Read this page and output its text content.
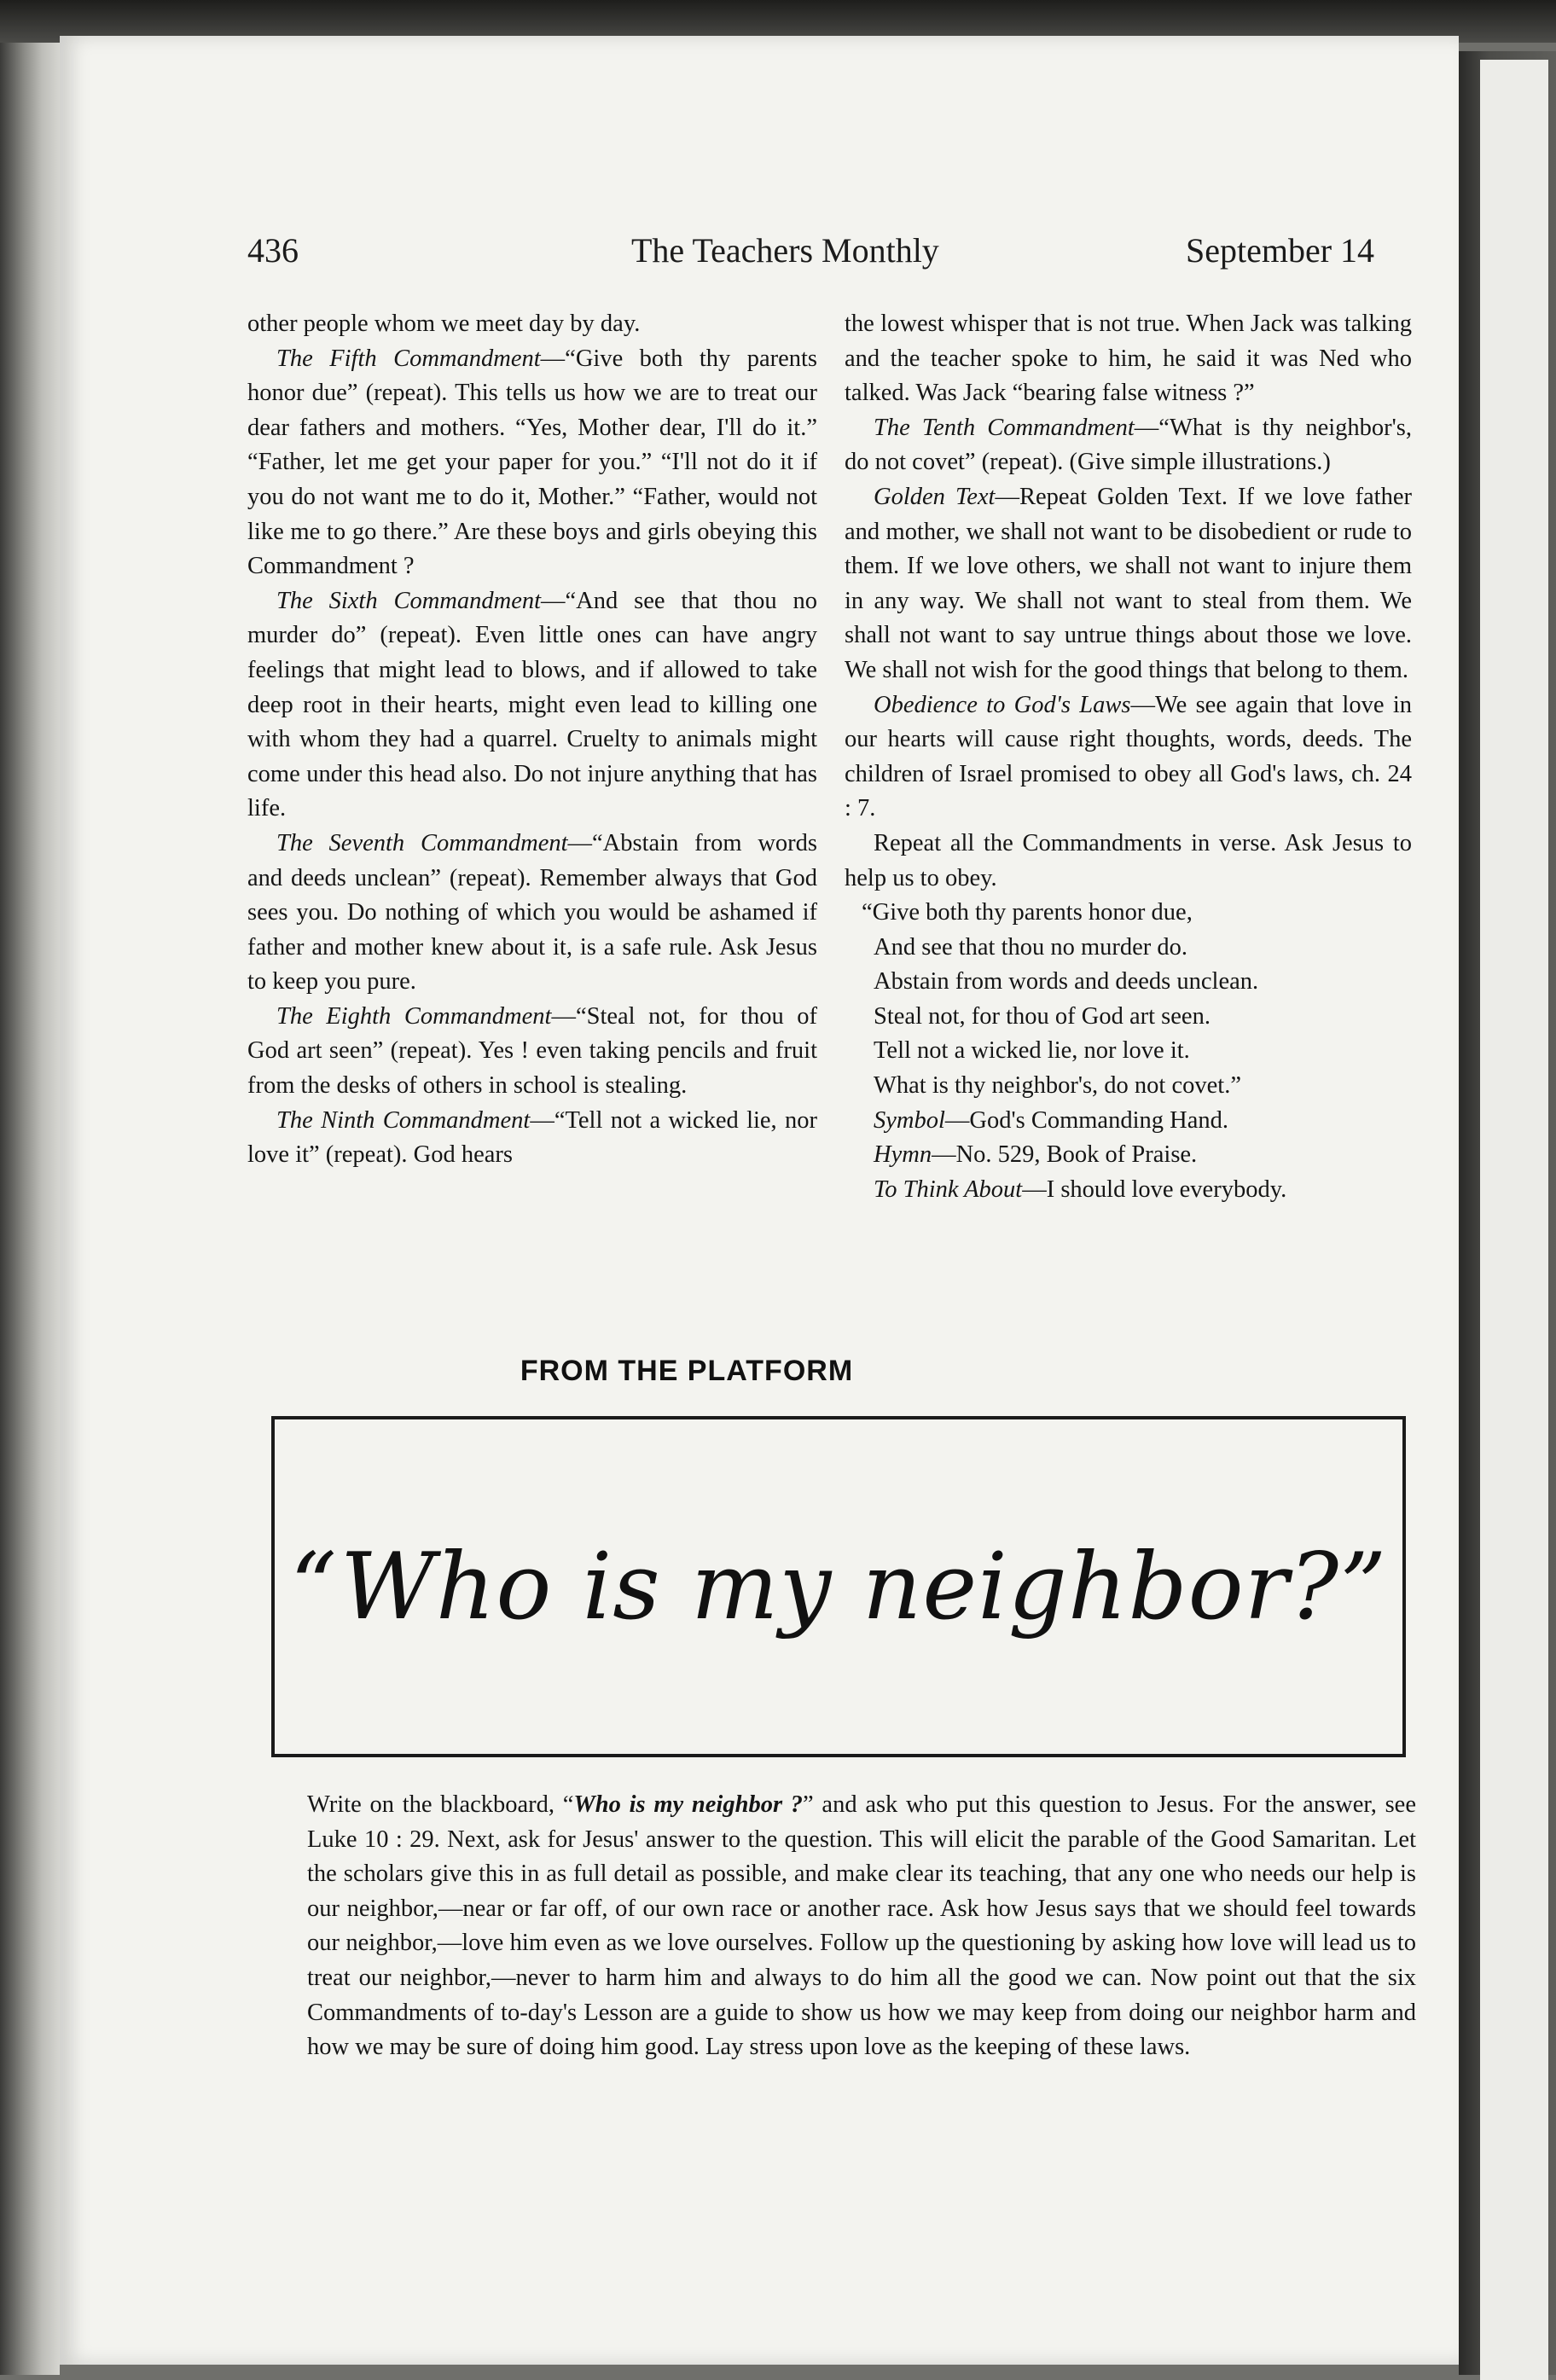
436	The Teachers Monthly	September 14

other people whom we meet day by day.

The Fifth Commandment—“Give both thy parents honor due” (repeat). This tells us how we are to treat our dear fathers and mothers. “Yes, Mother dear, I'll do it.” “Father, let me get your paper for you.” “I'll not do it if you do not want me to do it, Mother.” “Father, would not like me to go there.” Are these boys and girls obeying this Commandment ?

The Sixth Commandment—“And see that thou no murder do” (repeat). Even little ones can have angry feelings that might lead to blows, and if allowed to take deep root in their hearts, might even lead to killing one with whom they had a quarrel. Cruelty to animals might come under this head also. Do not injure anything that has life.

The Seventh Commandment—“Abstain from words and deeds unclean” (repeat). Remember always that God sees you. Do nothing of which you would be ashamed if father and mother knew about it, is a safe rule. Ask Jesus to keep you pure.

The Eighth Commandment—“Steal not, for thou of God art seen” (repeat). Yes ! even taking pencils and fruit from the desks of others in school is stealing.

The Ninth Commandment—“Tell not a wicked lie, nor love it” (repeat). God hears

the lowest whisper that is not true. When Jack was talking and the teacher spoke to him, he said it was Ned who talked. Was Jack “bearing false witness ?”

The Tenth Commandment—“What is thy neighbor's, do not covet” (repeat). (Give simple illustrations.)

Golden Text—Repeat Golden Text. If we love father and mother, we shall not want to be disobedient or rude to them. If we love others, we shall not want to injure them in any way. We shall not want to steal from them. We shall not want to say untrue things about those we love. We shall not wish for the good things that belong to them.

Obedience to God's Laws—We see again that love in our hearts will cause right thoughts, words, deeds. The children of Israel promised to obey all God's laws, ch. 24 : 7.

Repeat all the Commandments in verse. Ask Jesus to help us to obey.

“Give both thy parents honor due,

And see that thou no murder do.

Abstain from words and deeds unclean.

Steal not, for thou of God art seen.

Tell not a wicked lie, nor love it.

What is thy neighbor's, do not covet.”

Symbol—God's Commanding Hand.

Hymn—No. 529, Book of Praise.

To Think About—I should love everybody.

FROM THE PLATFORM
“Who is my neighbor?”
Write on the blackboard, “Who is my neighbor ?” and ask who put this question to Jesus. For the answer, see Luke 10 : 29. Next, ask for Jesus' answer to the question. This will elicit the parable of the Good Samaritan. Let the scholars give this in as full detail as possible, and make clear its teaching, that any one who needs our help is our neighbor,—near or far off, of our own race or another race. Ask how Jesus says that we should feel towards our neighbor,—love him even as we love ourselves. Follow up the questioning by asking how love will lead us to treat our neighbor,—never to harm him and always to do him all the good we can. Now point out that the six Commandments of to-day's Lesson are a guide to show us how we may keep from doing our neighbor harm and how we may be sure of doing him good. Lay stress upon love as the keeping of these laws.
